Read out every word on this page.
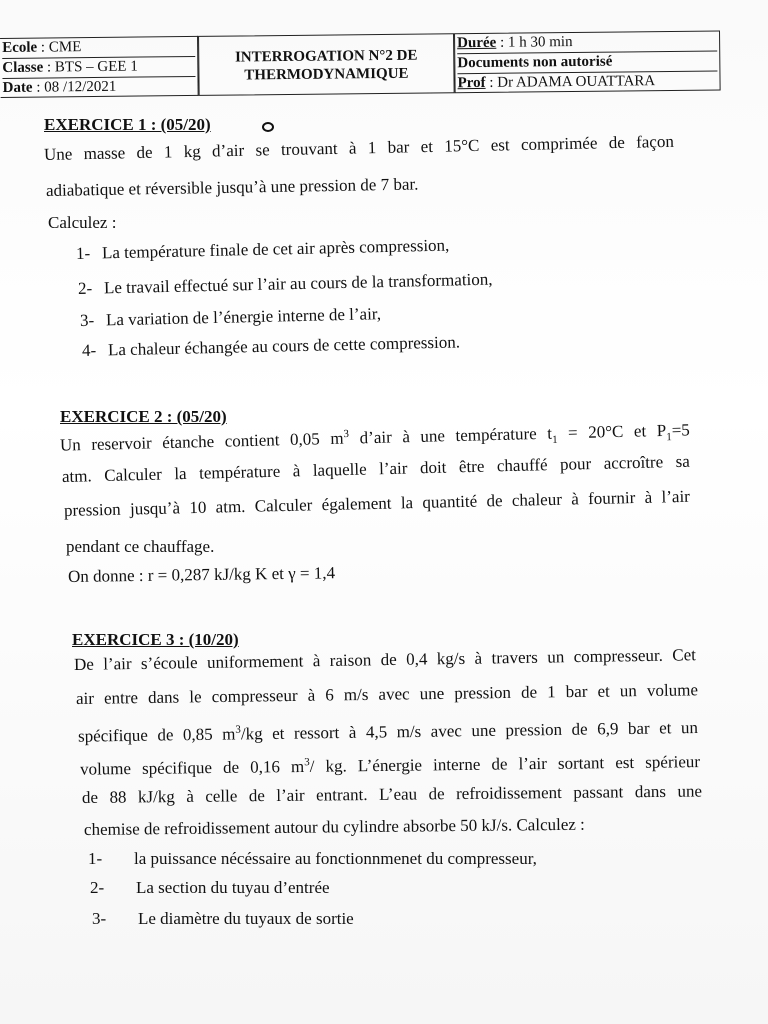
Ecole : CME
Classe : BTS – GEE 1
Date : 08 /12/2021
INTERROGATION N°2 DE
THERMODYNAMIQUE
Durée : 1 h 30 min
Documents non autorisé
Prof : Dr ADAMA OUATTARA
EXERCICE 1 : (05/20)
Une masse de 1 kg d’air se trouvant à 1 bar et 15°C est comprimée de façon
adiabatique et réversible jusqu’à une pression de 7 bar.
Calculez :
1- La température finale de cet air après compression,
2- Le travail effectué sur l’air au cours de la transformation,
3- La variation de l’énergie interne de l’air,
4- La chaleur échangée au cours de cette compression.
EXERCICE 2 : (05/20)
Un reservoir étanche contient 0,05 $m^3$ d’air à une température $t_1 = 20^\circ C$ et $P_1=5$
atm. Calculer la température à laquelle l’air doit être chauffé pour accroître sa
pression jusqu’à 10 atm. Calculer également la quantité de chaleur à fournir à l’air
pendant ce chauffage.
On donne : r = 0,287 kJ/kg K et γ = 1,4
EXERCICE 3 : (10/20)
De l’air s’écoule uniformement à raison de 0,4 kg/s à travers un compresseur. Cet
air entre dans le compresseur à 6 m/s avec une pression de 1 bar et un volume
spécifique de 0,85 $m^3/kg$ et ressort à 4,5 m/s avec une pression de 6,9 bar et un
volume spécifique de 0,16 $m^3/$ kg. L’énergie interne de l’air sortant est spérieur
de 88 kJ/kg à celle de l’air entrant. L’eau de refroidissement passant dans une
chemise de refroidissement autour du cylindre absorbe 50 kJ/s. Calculez :
1- la puissance nécéssaire au fonctionnmenet du compresseur,
2- La section du tuyau d’entrée
3- Le diamètre du tuyaux de sortie
